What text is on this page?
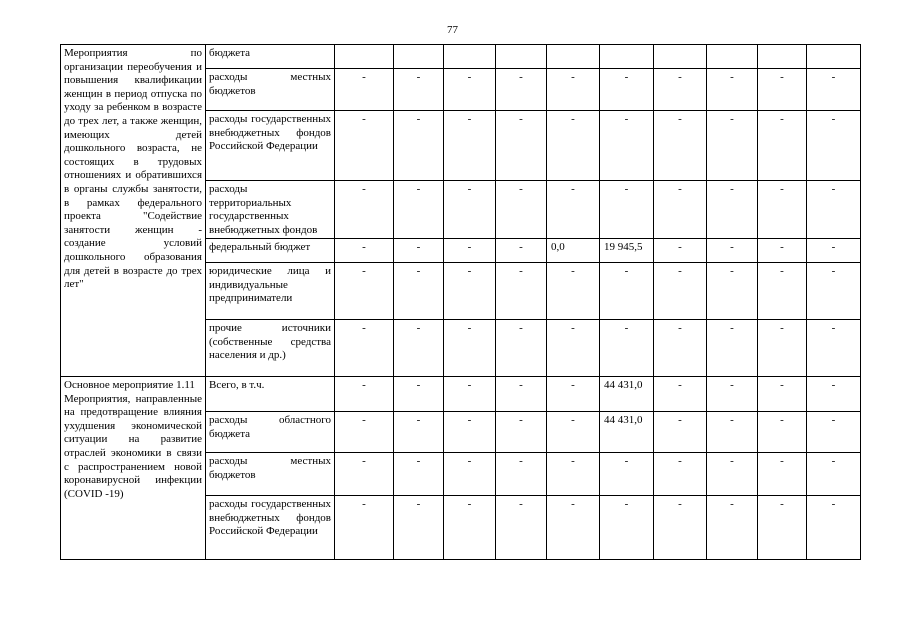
77
Мероприятия по организации переобучения и повышения квалификации женщин в период отпуска по уходу за ребенком в возрасте до трех лет, а также женщин, имеющих детей дошкольного возраста, не состоящих в трудовых отношениях и обратившихся в органы службы занятости, в рамках федерального проекта "Содействие занятости женщин - создание условий дошкольного образования для детей в возрасте до трех лет"	бюджета										
	расходы местных бюджетов	-	-	-	-	-	-	-	-	-	-
	расходы государственных внебюджетных фондов Российской Федерации	-	-	-	-	-	-	-	-	-	-
	расходы территориальных государственных внебюджетных фондов	-	-	-	-	-	-	-	-	-	-
	федеральный бюджет	-	-	-	-	0,0	19 945,5	-	-	-	-
	юридические лица и индивидуальные предприниматели	-	-	-	-	-	-	-	-	-	-
	прочие источники (собственные средства населения и др.)	-	-	-	-	-	-	-	-	-	-

Основное мероприятие 1.11
Мероприятия, направленные на предотвращение влияния ухудшения экономической ситуации на развитие отраслей экономики в связи с распространением новой коронавирусной инфекции (COVID -19)	Всего, в т.ч.	-	-	-	-	-	44 431,0	-	-	-	-
	расходы областного бюджета	-	-	-	-	-	44 431,0	-	-	-	-
	расходы местных бюджетов	-	-	-	-	-	-	-	-	-	-
	расходы государственных внебюджетных фондов Российской Федерации	-	-	-	-	-	-	-	-	-	-
